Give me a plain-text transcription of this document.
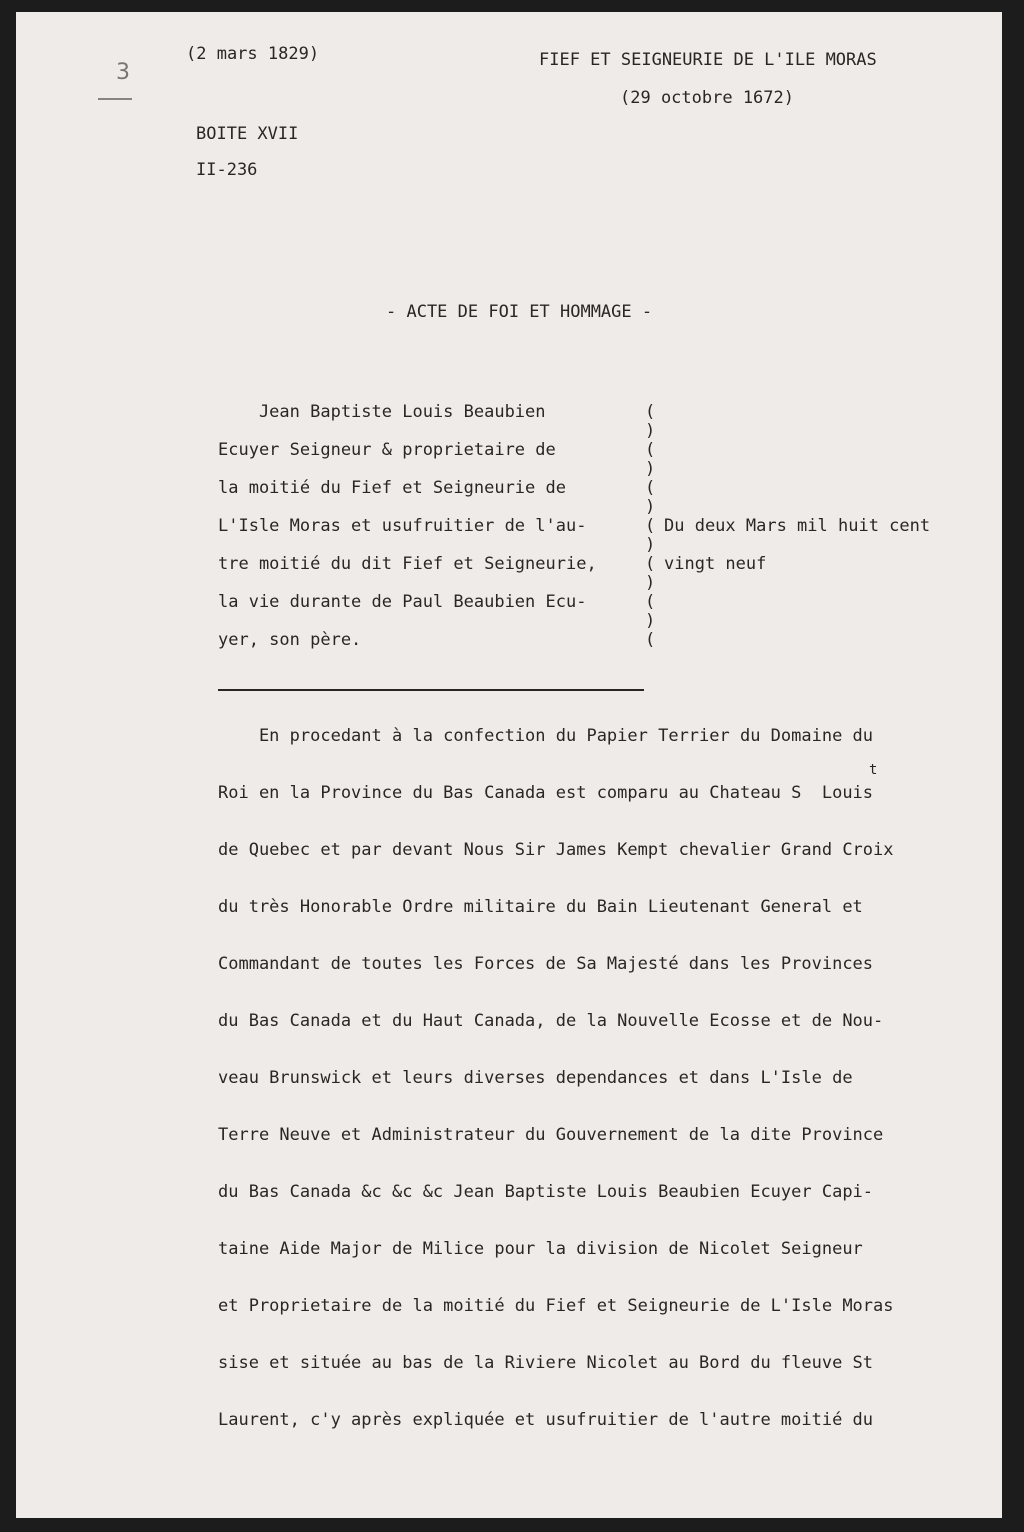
3
(2 mars 1829)	FIEF ET SEIGNEURIE DE L'ILE MORAS
(29 octobre 1672)
BOITE XVII
II-236
- ACTE DE FOI ET HOMMAGE -
Jean Baptiste Louis Beaubien
Ecuyer Seigneur & proprietaire de
la moitié du Fief et Seigneurie de
L'Isle Moras et usufruitier de l'au-
tre moitié du dit Fief et Seigneurie,
la vie durante de Paul Beaubien Ecu-
yer, son père.
(
)
(
)
(
)
(
)
(
)
(
)
(
Du deux Mars mil huit cent
vingt neuf
En procedant à la confection du Papier Terrier du Domaine du
Roi en la Province du Bas Canada est comparu au Chateau S  Louis
t
de Quebec et par devant Nous Sir James Kempt chevalier Grand Croix
du très Honorable Ordre militaire du Bain Lieutenant General et
Commandant de toutes les Forces de Sa Majesté dans les Provinces
du Bas Canada et du Haut Canada, de la Nouvelle Ecosse et de Nou-
veau Brunswick et leurs diverses dependances et dans L'Isle de
Terre Neuve et Administrateur du Gouvernement de la dite Province
du Bas Canada &c &c &c Jean Baptiste Louis Beaubien Ecuyer Capi-
taine Aide Major de Milice pour la division de Nicolet Seigneur
et Proprietaire de la moitié du Fief et Seigneurie de L'Isle Moras
sise et située au bas de la Riviere Nicolet au Bord du fleuve St
Laurent, c'y après expliquée et usufruitier de l'autre moitié du
